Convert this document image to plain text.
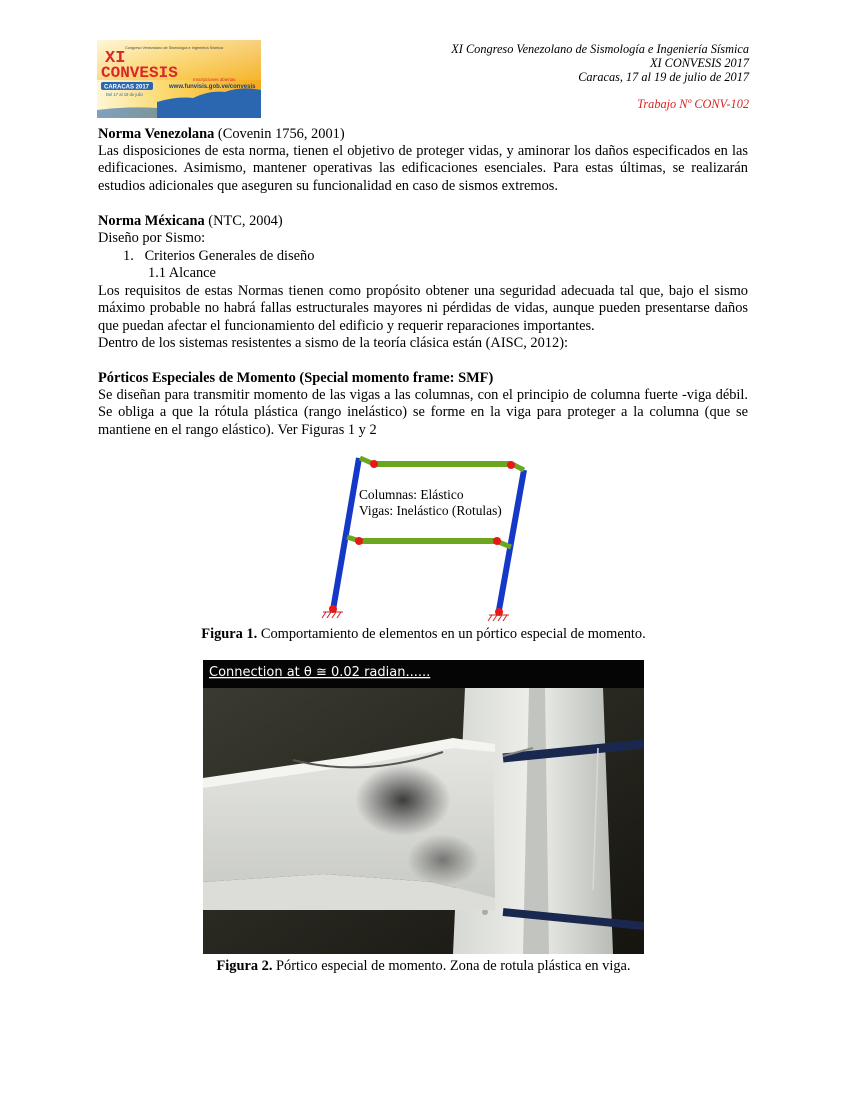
XI
CONVESIS
Congreso Venezolano de Sismología e Ingeniería Sísmica
CARACAS 2017
Del 17 al 19 de julio
Inscripciones abiertas
www.funvisis.gob.ve/convesis
XI Congreso Venezolano de Sismología e Ingeniería Sísmica
XI CONVESIS 2017
Caracas, 17 al 19 de julio de 2017
Trabajo Nº CONV-102
Norma Venezolana (Covenin 1756, 2001)
Las disposiciones de esta norma, tienen el objetivo de proteger vidas, y aminorar los daños especificados en las edificaciones. Asimismo, mantener operativas las edificaciones esenciales. Para estas últimas, se realizarán estudios adicionales que aseguren su funcionalidad en caso de sismos extremos.
Norma Méxicana (NTC, 2004)
Diseño por Sismo:
1.   Criterios Generales de diseño
1.1 Alcance
Los requisitos de estas Normas tienen como propósito obtener una seguridad adecuada tal que, bajo el sismo máximo probable no habrá fallas estructurales mayores ni pérdidas de vidas, aunque pueden presentarse daños que puedan afectar el funcionamiento del edificio y requerir reparaciones importantes.
Dentro de los sistemas resistentes a sismo de la teoría clásica están (AISC, 2012):
Pórticos Especiales de Momento (Special momento frame: SMF)
Se diseñan para transmitir momento de las vigas a las columnas, con el principio de columna fuerte -viga débil. Se obliga a que la rótula plástica (rango inelástico) se forme en la viga para proteger a la columna (que se mantiene en el rango elástico). Ver Figuras 1 y 2
Columnas: Elástico
Vigas: Inelástico (Rotulas)
Figura 1. Comportamiento de elementos en un pórtico especial de momento.
Connection at θ ≅ 0.02 radian......
Figura 2. Pórtico especial de momento. Zona de rotula plástica en viga.
